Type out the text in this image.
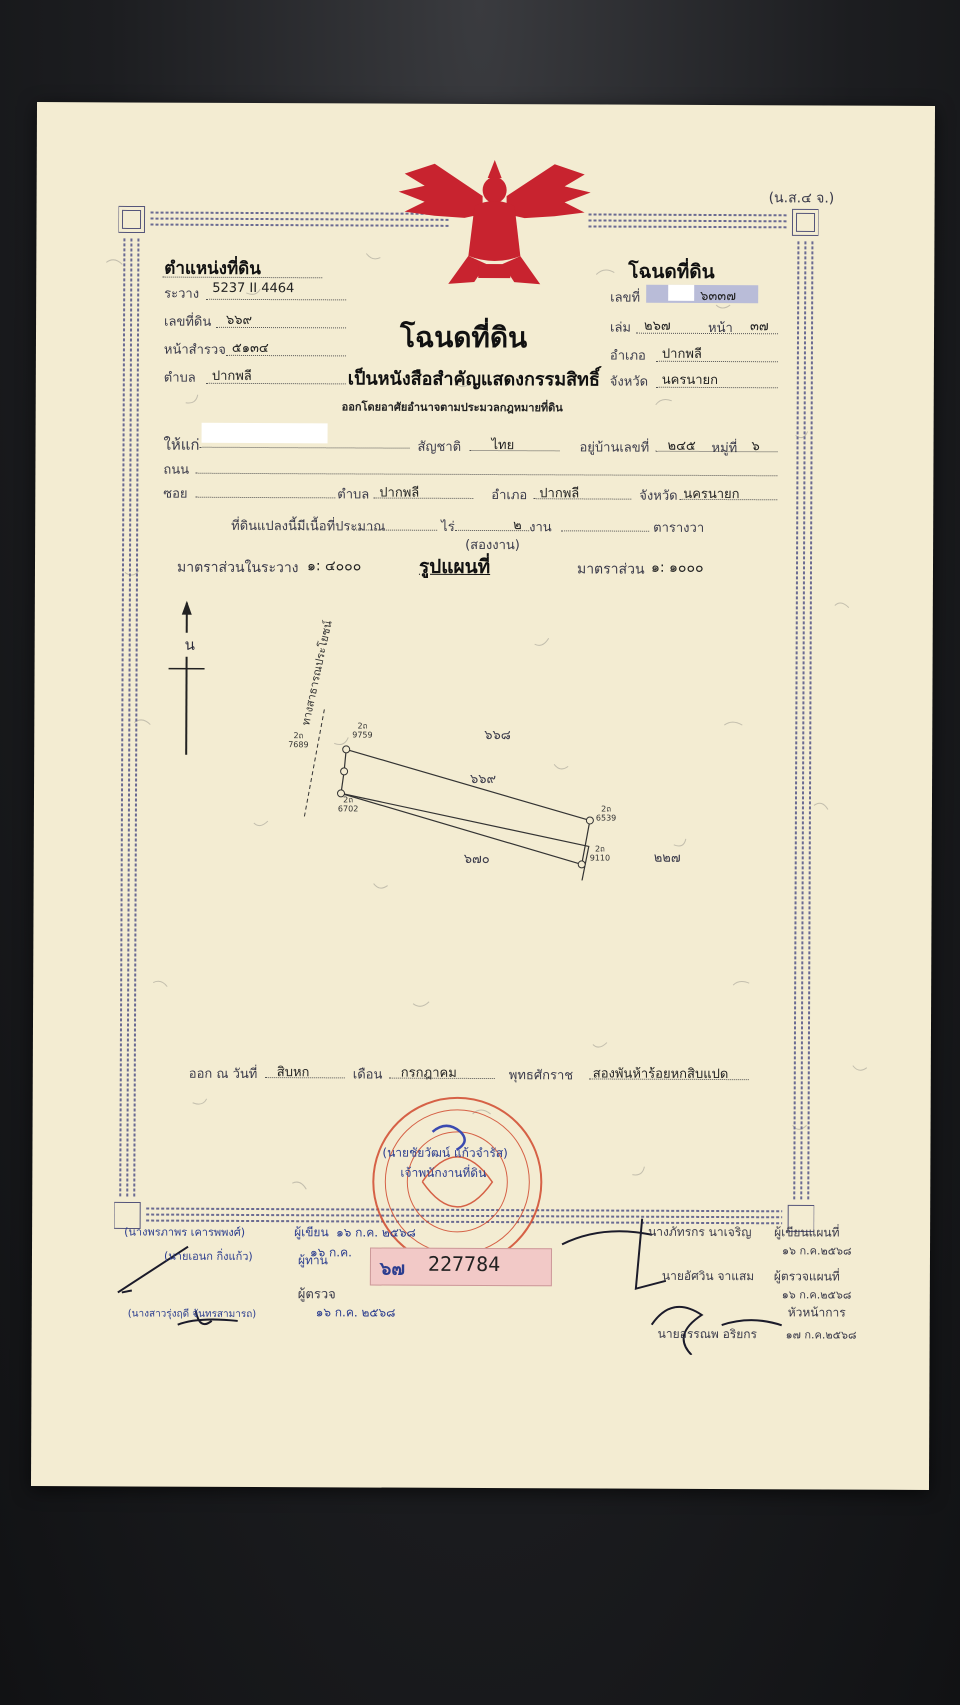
(น.ส.๔ จ.)
ตำแหน่งที่ดิน
ระวาง 5237 II 4464
เลขที่ดิน ๖๖๙
หน้าสำรวจ ๕๑๓๔
ตำบล ปากพลี
โฉนดที่ดิน
เลขที่	๖๓๓๗
เล่ม ๒๖๗	หน้า ๓๗
อำเภอ ปากพลี
จังหวัด นครนายก
โฉนดที่ดิน
เป็นหนังสือสำคัญแสดงกรรมสิทธิ์
ออกโดยอาศัยอำนาจตามประมวลกฎหมายที่ดิน
ให้แก่	สัญชาติ ไทย	อยู่บ้านเลขที่ ๒๔๕ หมู่ที่ ๖
ถนน
ซอย	ตำบล ปากพลี	อำเภอ ปากพลี	จังหวัด นครนายก
ที่ดินแปลงนี้มีเนื้อที่ประมาณ	ไร่	๒ งาน	ตารางวา
(สองงาน)
มาตราส่วนในระวาง ๑: ๔๐๐๐	รูปแผนที่	มาตราส่วน ๑: ๑๐๐๐
น	ทางสาธารณประโยชน์
๖๖๙
๖๖๘
๖๗๐	๒๒๗
2ถ
7689
2ถ
9759
2ถ
6702	2ถ
6539
2ถ
9110
ออก ณ วันที่ สิบหก	เดือน กรกฎาคม	พุทธศักราช สองพันห้าร้อยหกสิบแปด
(นายชัยวัฒน์ แก้วจำรัส)
เจ้าพนักงานที่ดิน
(นางพรภาพร เคารพพงศ์)	ผู้เขียน ๑๖ ก.ค. ๒๕๖๘
(นายเอนก กิ่งแก้ว)	ผู้ทาน
๑๖ ก.ค.
ผู้ตรวจ
(นางสาวรุ่งฤดี จันทรสามารถ)	๑๖ ก.ค. ๒๕๖๘
๖๗ 227784
นางภัทรกร นาเจริญ ผู้เขียนแผนที่
๑๖ ก.ค.๒๕๖๘
นายอัศวิน จาแสม ผู้ตรวจแผนที่
๑๖ ก.ค.๒๕๖๘
หัวหน้าการ
นายอรรณพ อริยกร	๑๗ ก.ค.๒๕๖๘
